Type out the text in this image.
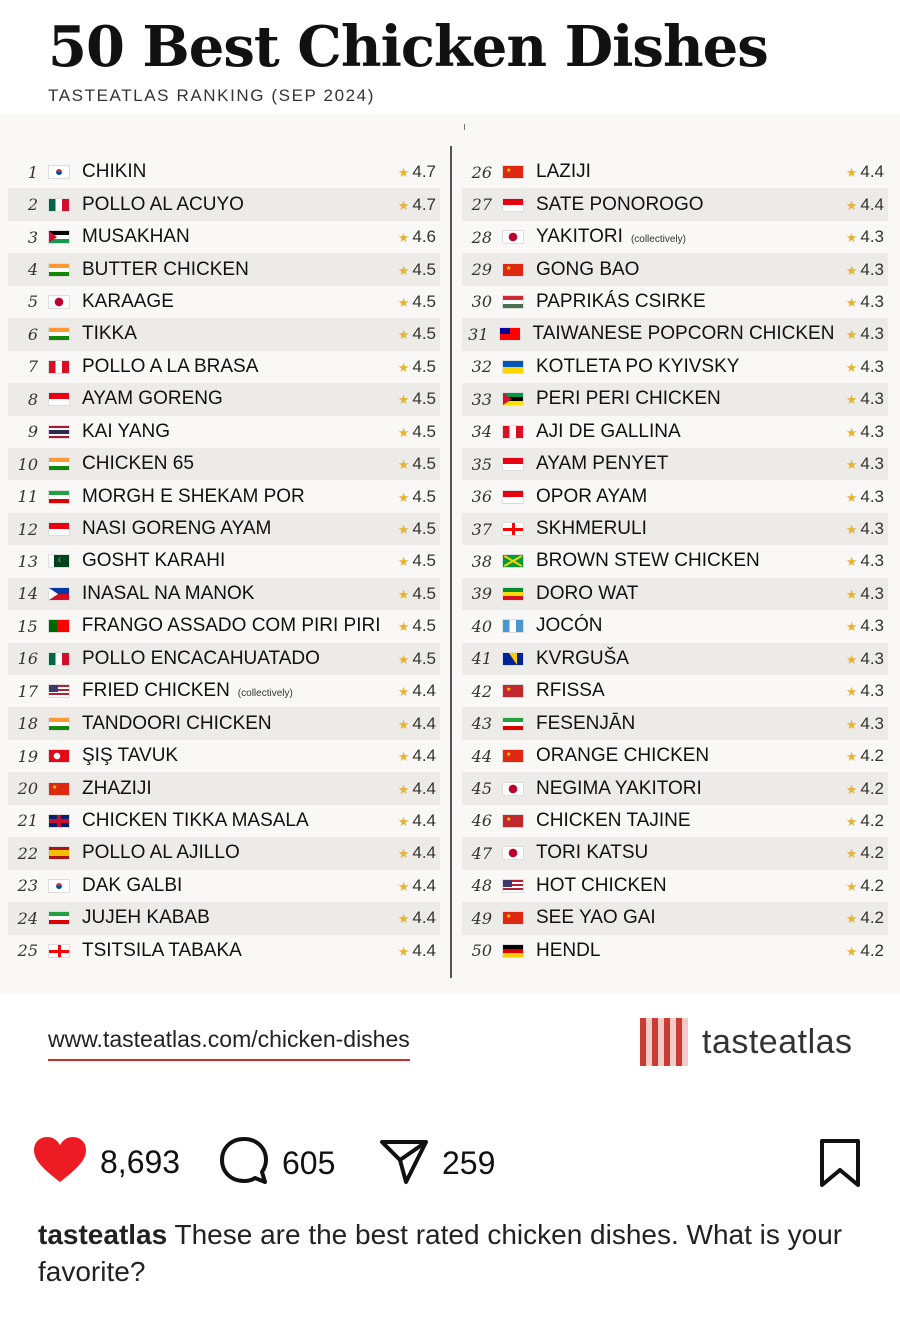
50 Best Chicken Dishes
TASTEATLAS RANKING (SEP 2024)
1	CHIKIN	★ 4.7
2	POLLO AL ACUYO	★ 4.7
3	MUSAKHAN	★ 4.6
4	BUTTER CHICKEN	★ 4.5
5	KARAAGE	★ 4.5
6	TIKKA	★ 4.5
7	POLLO A LA BRASA	★ 4.5
8	AYAM GORENG	★ 4.5
9	KAI YANG	★ 4.5
10	CHICKEN 65	★ 4.5
11	MORGH E SHEKAM POR	★ 4.5
12	NASI GORENG AYAM	★ 4.5
13	☾ GOSHT KARAHI	★ 4.5
14	INASAL NA MANOK	★ 4.5
15	FRANGO ASSADO COM PIRI PIRI	★ 4.5
16	POLLO ENCACAHUATADO	★ 4.5
17	FRIED CHICKEN (collectively)	★ 4.4
18	TANDOORI CHICKEN	★ 4.4
19	ŞIŞ TAVUK	★ 4.4
20	★ ZHAZIJI	★ 4.4
21	CHICKEN TIKKA MASALA	★ 4.4
22	POLLO AL AJILLO	★ 4.4
23	DAK GALBI	★ 4.4
24	JUJEH KABAB	★ 4.4
25	TSITSILA TABAKA	★ 4.4
26	★ LAZIJI	★ 4.4
27	SATE PONOROGO	★ 4.4
28	YAKITORI (collectively)	★ 4.3
29	★ GONG BAO	★ 4.3
30	PAPRIKÁS CSIRKE	★ 4.3
31	TAIWANESE POPCORN CHICKEN ★ 4.3
32	KOTLETA PO KYIVSKY	★ 4.3
33	PERI PERI CHICKEN	★ 4.3
34	AJI DE GALLINA	★ 4.3
35	AYAM PENYET	★ 4.3
36	OPOR AYAM	★ 4.3
37	SKHMERULI	★ 4.3
38	BROWN STEW CHICKEN	★ 4.3
39	DORO WAT	★ 4.3
40	JOCÓN	★ 4.3
41	KVRGUŠA	★ 4.3
42	★ RFISSA	★ 4.3
43	FESENJĀN	★ 4.3
44	★ ORANGE CHICKEN	★ 4.2
45	NEGIMA YAKITORI	★ 4.2
46	★ CHICKEN TAJINE	★ 4.2
47	TORI KATSU	★ 4.2
48	HOT CHICKEN	★ 4.2
49	★ SEE YAO GAI	★ 4.2
50	HENDL	★ 4.2
www.tasteatlas.com/chicken-dishes	tasteatlas
8,693	605	259
tasteatlas These are the best rated chicken dishes. What is your favorite?
